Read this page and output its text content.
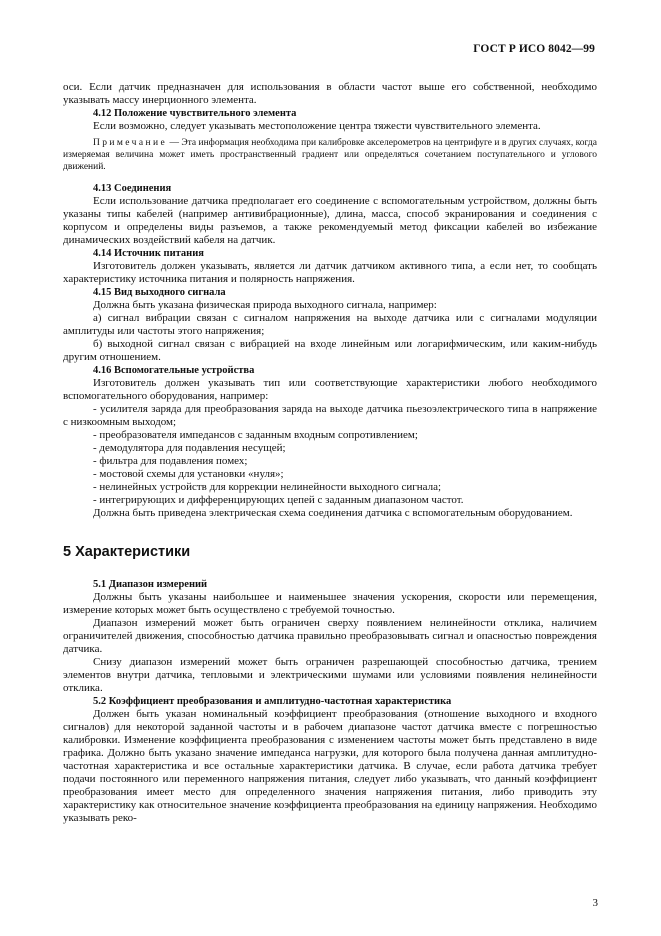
ГОСТ Р ИСО 8042—99

оси. Если датчик предназначен для использования в области частот выше его собственной, необходимо указывать массу инерционного элемента.

4.12 Положение чувствительного элемента

Если возможно, следует указывать местоположение центра тяжести чувствительного элемента.

Примечание — Эта информация необходима при калибровке акселерометров на центрифуге и в других случаях, когда измеряемая величина может иметь пространственный градиент или определяться сочетанием поступательного и углового движений.

4.13 Соединения

Если использование датчика предполагает его соединение с вспомогательным устройством, должны быть указаны типы кабелей (например антивибрационные), длина, масса, способ экранирования и соединения с корпусом и определены виды разъемов, а также рекомендуемый метод фиксации кабелей во избежание динамических воздействий кабеля на датчик.

4.14 Источник питания

Изготовитель должен указывать, является ли датчик датчиком активного типа, а если нет, то сообщать характеристику источника питания и полярность напряжения.

4.15 Вид выходного сигнала

Должна быть указана физическая природа выходного сигнала, например:

а) сигнал вибрации связан с сигналом напряжения на выходе датчика или с сигналами модуляции амплитуды или частоты этого напряжения;

б) выходной сигнал связан с вибрацией на входе линейным или логарифмическим, или каким-нибудь другим отношением.

4.16 Вспомогательные устройства

Изготовитель должен указывать тип или соответствующие характеристики любого необходимого вспомогательного оборудования, например:

- усилителя заряда для преобразования заряда на выходе датчика пьезоэлектрического типа в напряжение с низкоомным выходом;

- преобразователя импедансов с заданным входным сопротивлением;

- демодулятора для подавления несущей;

- фильтра для подавления помех;

- мостовой схемы для установки «нуля»;

- нелинейных устройств для коррекции нелинейности выходного сигнала;

- интегрирующих и дифференцирующих цепей с заданным диапазоном частот.

Должна быть приведена электрическая схема соединения датчика с вспомогательным оборудованием.

5 Характеристики

5.1 Диапазон измерений

Должны быть указаны наибольшее и наименьшее значения ускорения, скорости или перемещения, измерение которых может быть осуществлено с требуемой точностью.

Диапазон измерений может быть ограничен сверху появлением нелинейности отклика, наличием ограничителей движения, способностью датчика правильно преобразовывать сигнал и опасностью повреждения датчика.

Снизу диапазон измерений может быть ограничен разрешающей способностью датчика, трением элементов внутри датчика, тепловыми и электрическими шумами или условиями появления нелинейности отклика.

5.2 Коэффициент преобразования и амплитудно-частотная характеристика

Должен быть указан номинальный коэффициент преобразования (отношение выходного и входного сигналов) для некоторой заданной частоты и в рабочем диапазоне частот датчика вместе с погрешностью калибровки. Изменение коэффициента преобразования с изменением частоты может быть представлено в виде графика. Должно быть указано значение импеданса нагрузки, для которого была получена данная амплитудно-частотная характеристика и все остальные характеристики датчика. В случае, если работа датчика требует подачи постоянного или переменного напряжения питания, следует либо указывать, что данный коэффициент преобразования имеет место для определенного значения напряжения питания, либо приводить эту характеристику как относительное значение коэффициента преобразования на единицу напряжения. Необходимо указывать реко-

3
